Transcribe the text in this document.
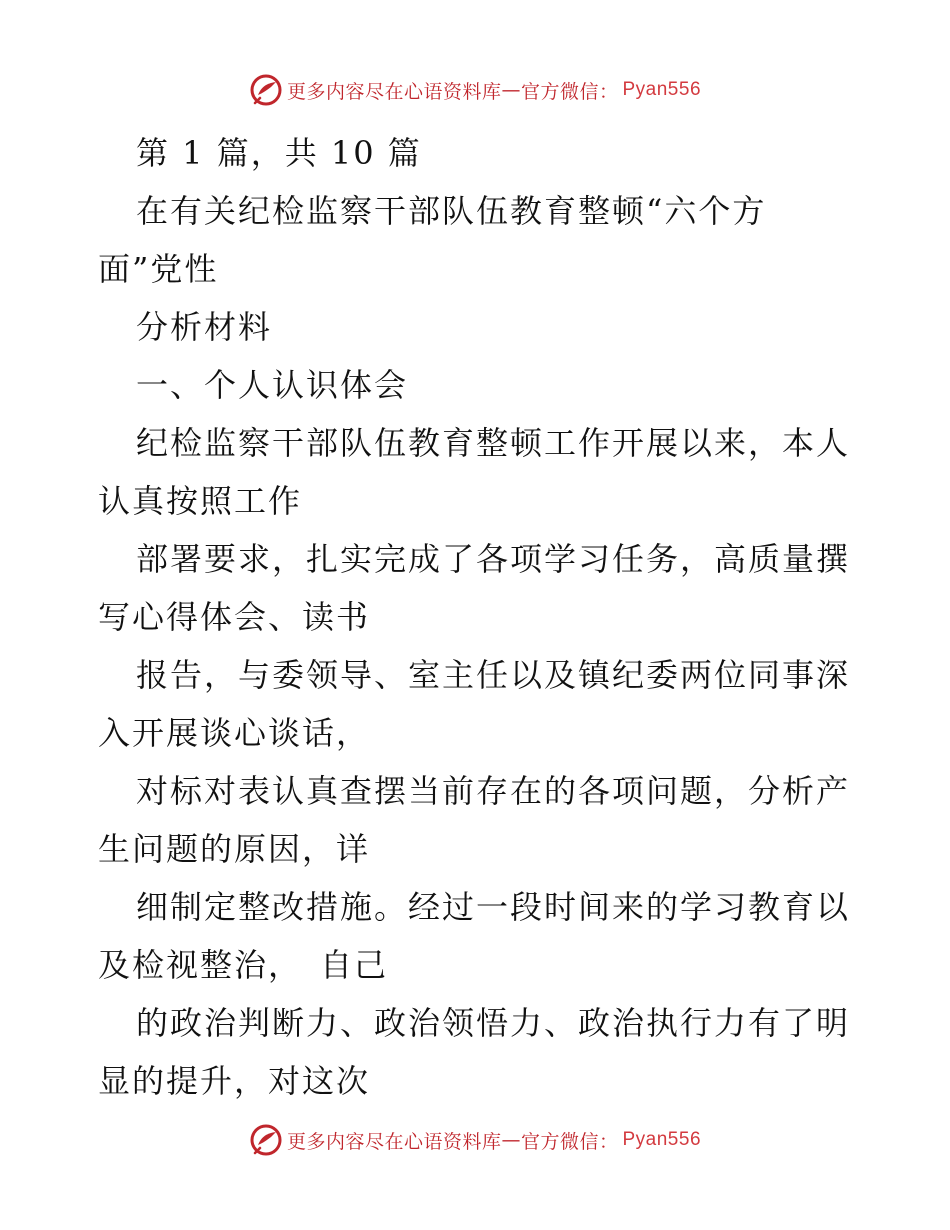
更多内容尽在心语资料库 — 官方微信： Pyan556
第 1 篇，共 10 篇
在有关纪检监察干部队伍教育整顿“六个方
面”党性
分析材料
一、个人认识体会
纪检监察干部队伍教育整顿工作开展以来，本人
认真按照工作
部署要求，扎实完成了各项学习任务，高质量撰
写心得体会、读书
报告，与委领导、室主任以及镇纪委两位同事深
入开展谈心谈话，
对标对表认真查摆当前存在的各项问题，分析产
生问题的原因，详
细制定整改措施。经过一段时间来的学习教育以
及检视整治，　自己
的政治判断力、政治领悟力、政治执行力有了明
显的提升，对这次
更多内容尽在心语资料库 — 官方微信： Pyan556
